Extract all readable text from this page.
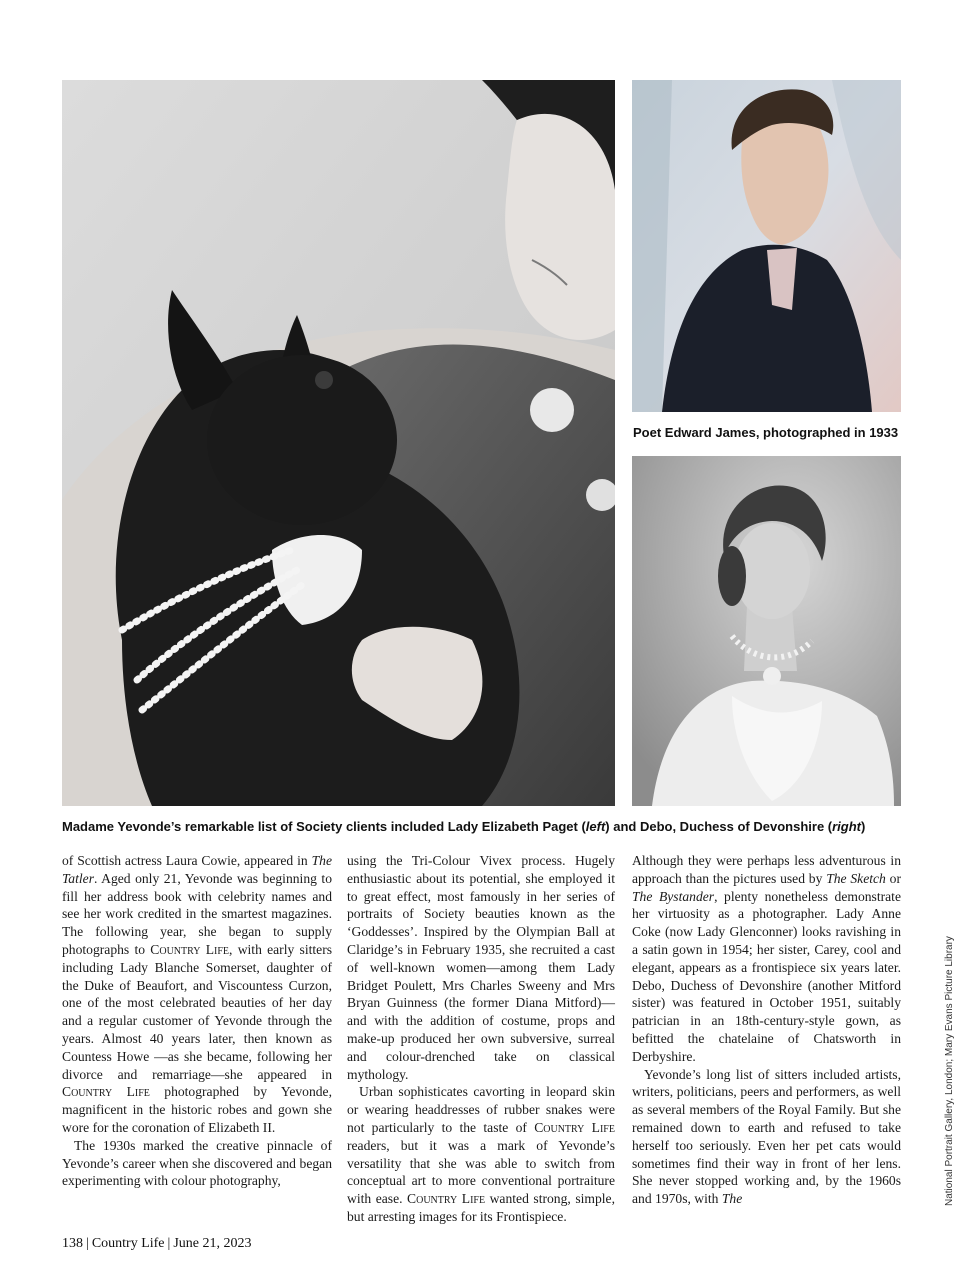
Poet Edward James, photographed in 1933
Madame Yevonde’s remarkable list of Society clients included Lady Elizabeth Paget (left) and Debo, Duchess of Devonshire (right)

of Scottish actress Laura Cowie, appeared in The Tatler. Aged only 21, Yevonde was beginning to fill her address book with celebrity names and see her work credited in the smartest magazines. The following year, she began to supply photographs to Country Life, with early sitters including Lady Blanche Somerset, daughter of the Duke of Beaufort, and Viscountess Curzon, one of the most celebrated beauties of her day and a regular customer of Yevonde through the years. Almost 40 years later, then known as Countess Howe —as she became, following her divorce and remarriage—she appeared in Country Life photographed by Yevonde, magnificent in the historic robes and gown she wore for the coronation of Elizabeth II.

The 1930s marked the creative pinnacle of Yevonde’s career when she discovered and began experimenting with colour photography,

using the Tri-Colour Vivex process. Hugely enthusiastic about its potential, she employed it to great effect, most famously in her series of portraits of Society beauties known as the ‘Goddesses’. Inspired by the Olympian Ball at Claridge’s in February 1935, she recruited a cast of well-known women—among them Lady Bridget Poulett, Mrs Charles Sweeny and Mrs Bryan Guinness (the former Diana Mitford)—and with the addition of costume, props and make-up produced her own subversive, surreal and colour-drenched take on classical mythology.

Urban sophisticates cavorting in leopard skin or wearing headdresses of rubber snakes were not particularly to the taste of Country Life readers, but it was a mark of Yevonde’s versatility that she was able to switch from conceptual art to more conventional portraiture with ease. Country Life wanted strong, simple, but arresting images for its Frontispiece.

Although they were perhaps less adventurous in approach than the pictures used by The Sketch or The Bystander, plenty nonetheless demonstrate her virtuosity as a photographer. Lady Anne Coke (now Lady Glenconner) looks ravishing in a satin gown in 1954; her sister, Carey, cool and elegant, appears as a frontispiece six years later. Debo, Duchess of Devonshire (another Mitford sister) was featured in October 1951, suitably patrician in an 18th-century-style gown, as befitted the chatelaine of Chatsworth in Derbyshire.

Yevonde’s long list of sitters included artists, writers, politicians, peers and performers, as well as several members of the Royal Family. But she remained down to earth and refused to take herself too seriously. Even her pet cats would sometimes find their way in front of her lens. She never stopped working and, by the 1960s and 1970s, with The	National Portrait Gallery, London; Mary Evans Picture Library
138 | Country Life | June 21, 2023
